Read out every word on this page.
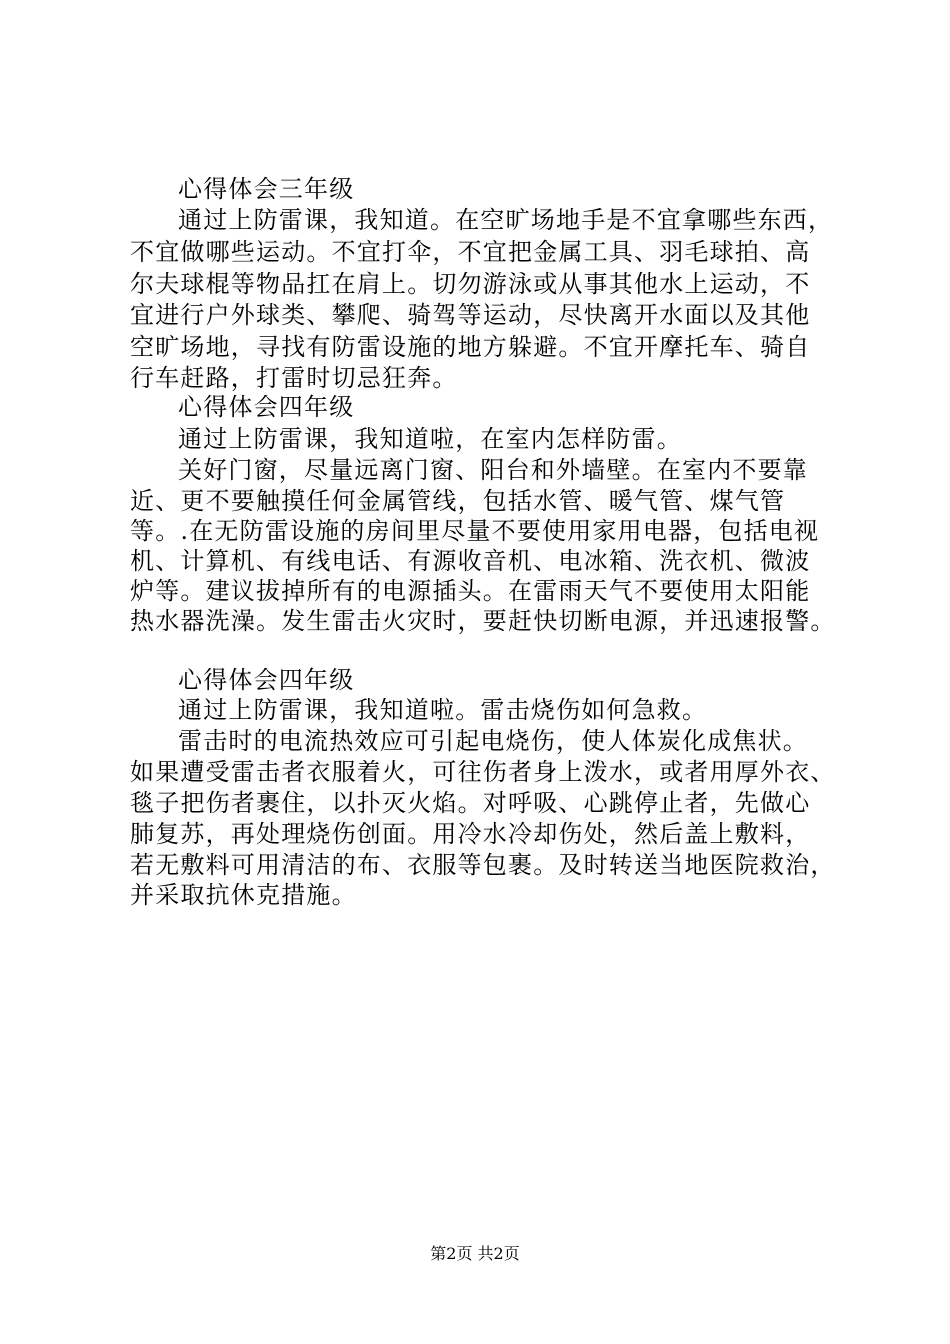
心得体会三年级
通过上防雷课，我知道。在空旷场地手是不宜拿哪些东西，
不宜做哪些运动。不宜打伞，不宜把金属工具、羽毛球拍、高
尔夫球棍等物品扛在肩上。切勿游泳或从事其他水上运动，不
宜进行户外球类、攀爬、骑驾等运动，尽快离开水面以及其他
空旷场地，寻找有防雷设施的地方躲避。不宜开摩托车、骑自
行车赶路，打雷时切忌狂奔。
心得体会四年级
通过上防雷课，我知道啦，在室内怎样防雷。
关好门窗，尽量远离门窗、阳台和外墙壁。在室内不要靠
近、更不要触摸任何金属管线，包括水管、暖气管、煤气管
等。.在无防雷设施的房间里尽量不要使用家用电器，包括电视
机、计算机、有线电话、有源收音机、电冰箱、洗衣机、微波
炉等。建议拔掉所有的电源插头。在雷雨天气不要使用太阳能
热水器洗澡。发生雷击火灾时，要赶快切断电源，并迅速报警。
心得体会四年级
通过上防雷课，我知道啦。雷击烧伤如何急救。
雷击时的电流热效应可引起电烧伤，使人体炭化成焦状。
如果遭受雷击者衣服着火，可往伤者身上泼水，或者用厚外衣、
毯子把伤者裹住，以扑灭火焰。对呼吸、心跳停止者，先做心
肺复苏，再处理烧伤创面。用冷水冷却伤处，然后盖上敷料，
若无敷料可用清洁的布、衣服等包裹。及时转送当地医院救治，
并采取抗休克措施。
第2页 共2页
